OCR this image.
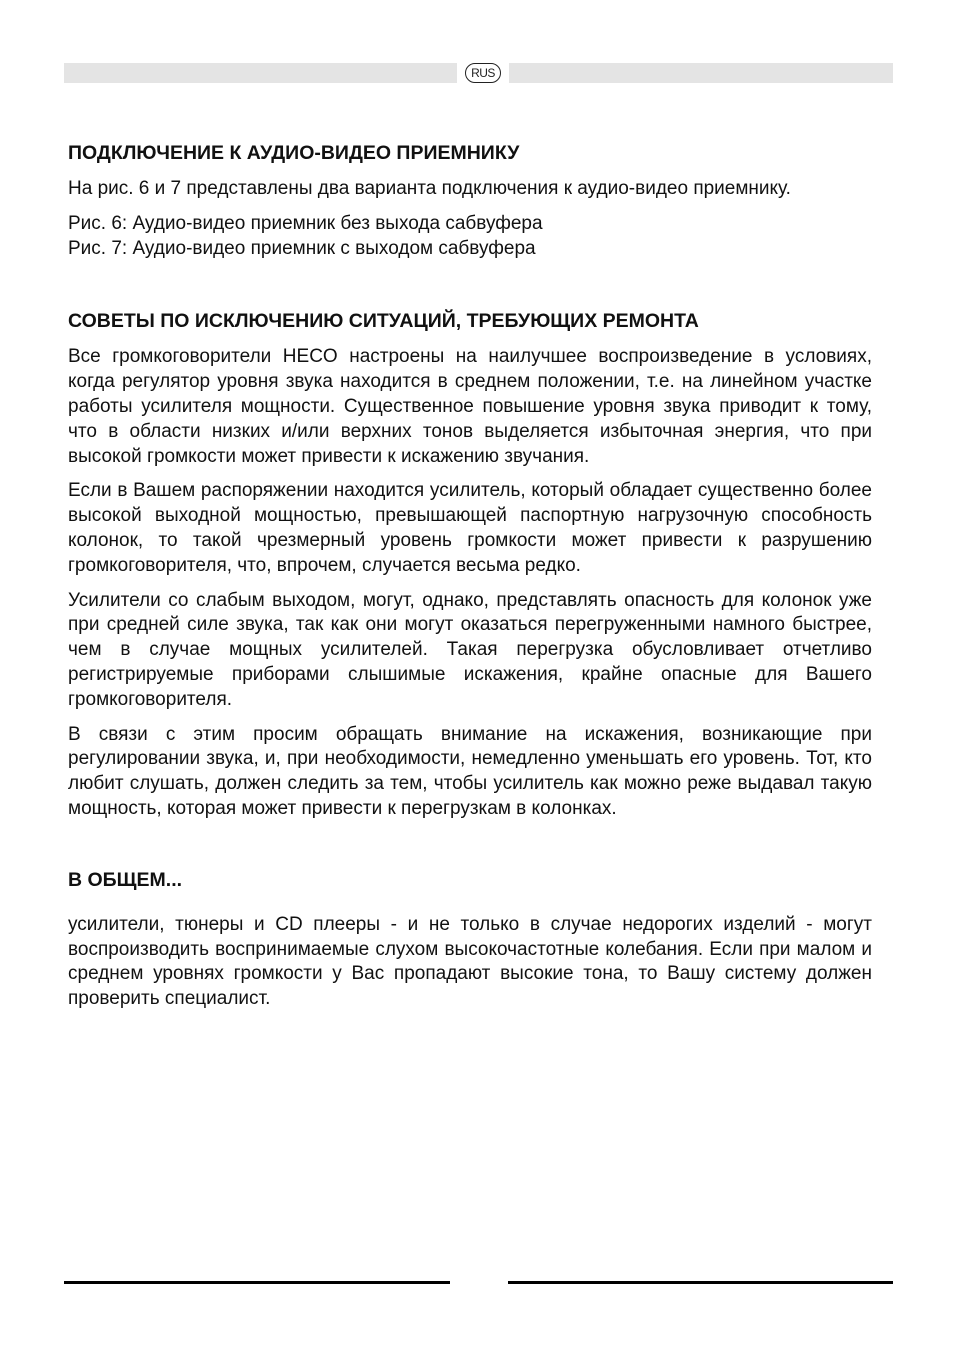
RUS
ПОДКЛЮЧЕНИЕ К АУДИО-ВИДЕО ПРИЕМНИКУ

На рис. 6 и 7 представлены два варианта подключения к аудио-видео приемнику.

Рис. 6: Аудио-видео приемник без выхода сабвуфера
Рис. 7: Аудио-видео приемник с выходом сабвуфера

СОВЕТЫ ПО ИСКЛЮЧЕНИЮ СИТУАЦИЙ, ТРЕБУЮЩИХ РЕМОНТА

Все громкоговорители HECO настроены на наилучшее воспроизведение в условиях, когда регулятор уровня звука находится в среднем положении, т.е. на линейном участке работы усилителя мощности. Существенное повышение уровня звука приводит к тому, что в области низких и/или верхних тонов выделяется избыточная энергия, что при высокой громкости может привести к искажению звучания.

Если в Вашем распоряжении находится усилитель, который обладает существенно более высокой выходной мощностью, превышающей паспортную нагрузочную способность колонок, то такой чрезмерный уровень громкости может привести к разрушению громкоговорителя, что, впрочем, случается весьма редко.

Усилители со слабым выходом, могут, однако, представлять опасность для колонок уже при средней силе звука, так как они могут оказаться перегруженными намного быстрее, чем в случае мощных усилителей. Такая перегрузка обусловливает отчетливо регистрируемые приборами слышимые искажения, крайне опасные для Вашего громкоговорителя.

В связи с этим просим обращать внимание на искажения, возникающие при регулировании звука, и, при необходимости, немедленно уменьшать его уровень. Тот, кто любит слушать, должен следить за тем, чтобы усилитель как можно реже выдавал такую мощность, которая может привести к перегрузкам в колонках.

В ОБЩЕМ...

усилители, тюнеры и CD плееры - и не только в случае недорогих изделий - могут воспроизводить воспринимаемые слухом высокочастотные колебания. Если при малом и среднем уровнях громкости у Вас пропадают высокие тона, то Вашу систему должен проверить специалист.
